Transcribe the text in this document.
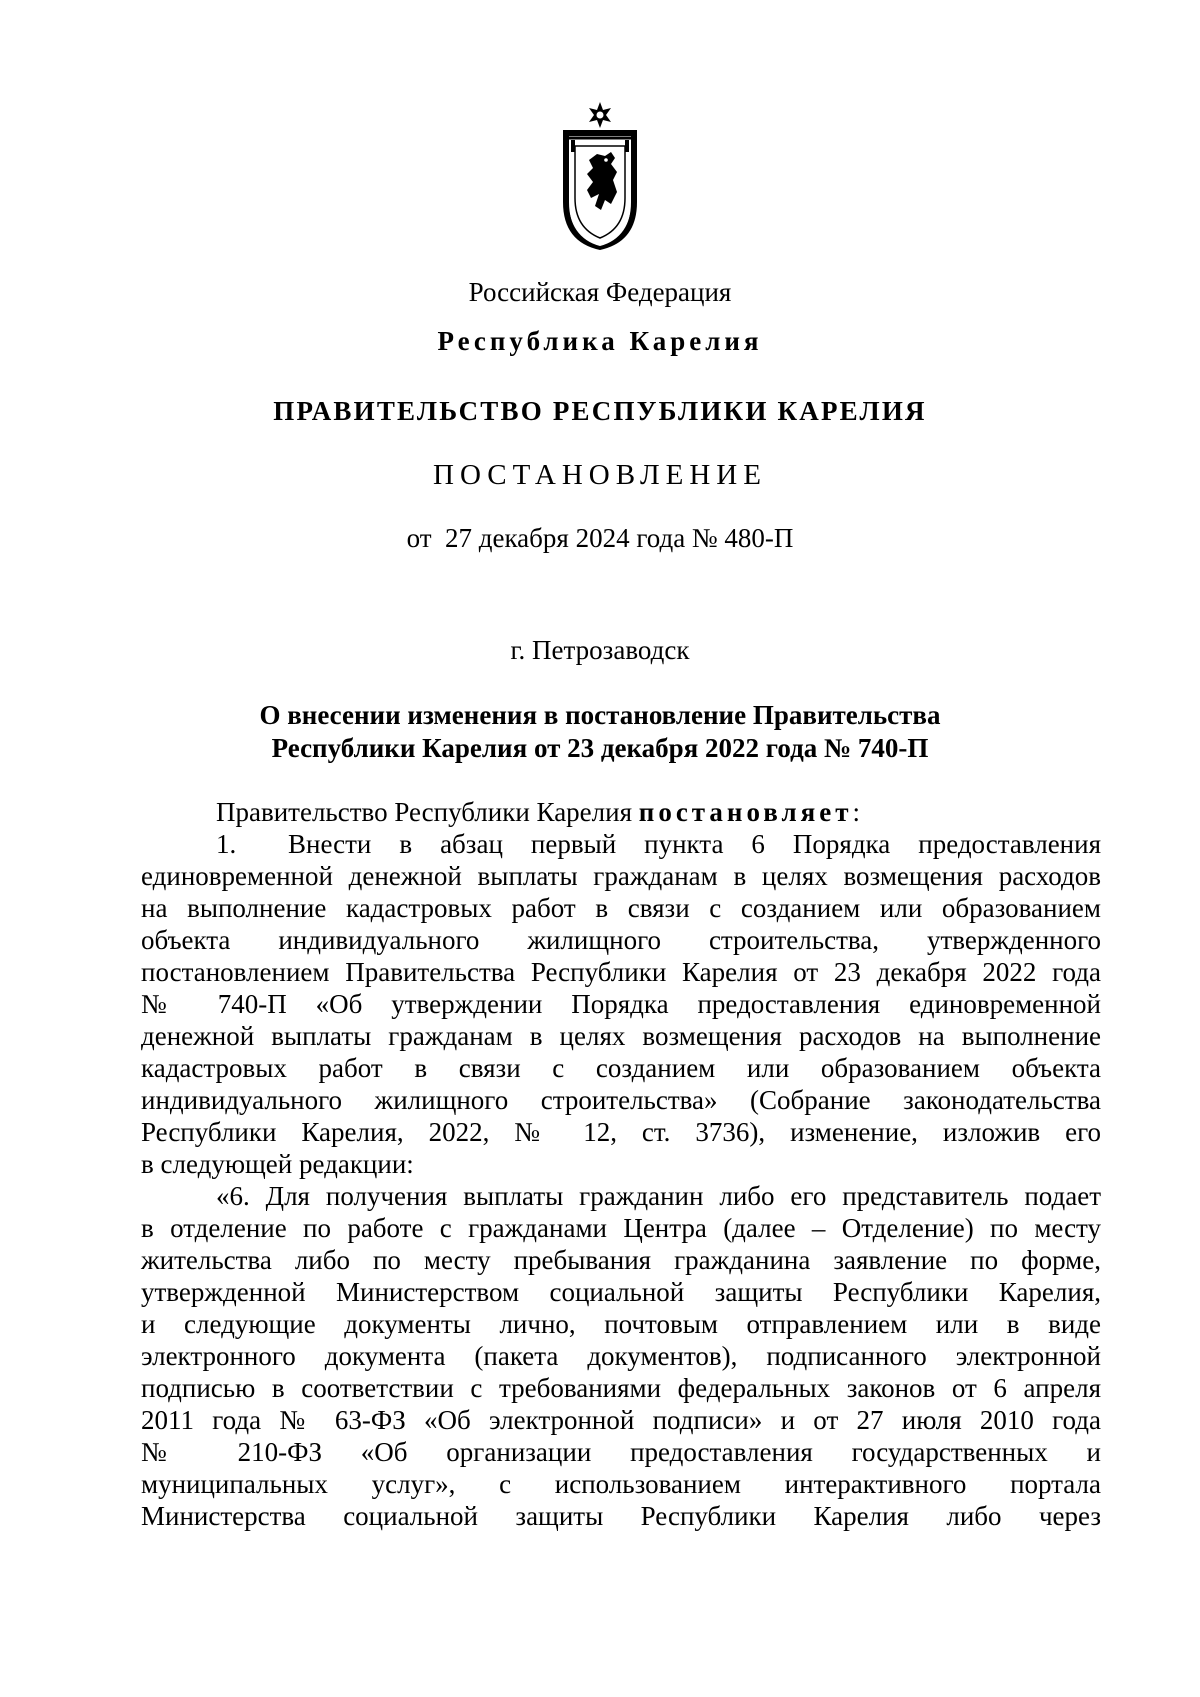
Российская Федерация
Республика Карелия
ПРАВИТЕЛЬСТВО РЕСПУБЛИКИ КАРЕЛИЯ
ПОСТАНОВЛЕНИЕ
от  27 декабря 2024 года № 480-П
г. Петрозаводск
О внесении изменения в постановление Правительства
Республики Карелия от 23 декабря 2022 года № 740-П
Правительство Республики Карелия постановляет:
1. Внести в абзац первый пункта 6 Порядка предоставления
единовременной денежной выплаты гражданам в целях возмещения расходов
на выполнение кадастровых работ в связи с созданием или образованием
объекта индивидуального жилищного строительства, утвержденного
постановлением Правительства Республики Карелия от 23 декабря 2022 года
№ 740-П «Об утверждении Порядка предоставления единовременной
денежной выплаты гражданам в целях возмещения расходов на выполнение
кадастровых работ в связи с созданием или образованием объекта
индивидуального жилищного строительства» (Собрание законодательства
Республики Карелия, 2022, № 12, ст. 3736), изменение, изложив его
в следующей редакции:
«6. Для получения выплаты гражданин либо его представитель подает
в отделение по работе с гражданами Центра (далее – Отделение) по месту
жительства либо по месту пребывания гражданина заявление по форме,
утвержденной Министерством социальной защиты Республики Карелия,
и следующие документы лично, почтовым отправлением или в виде
электронного документа (пакета документов), подписанного электронной
подписью в соответствии с требованиями федеральных законов от 6 апреля
2011 года № 63-ФЗ «Об электронной подписи» и от 27 июля 2010 года
№ 210-ФЗ «Об организации предоставления государственных и
муниципальных услуг», с использованием интерактивного портала
Министерства социальной защиты Республики Карелия либо через
